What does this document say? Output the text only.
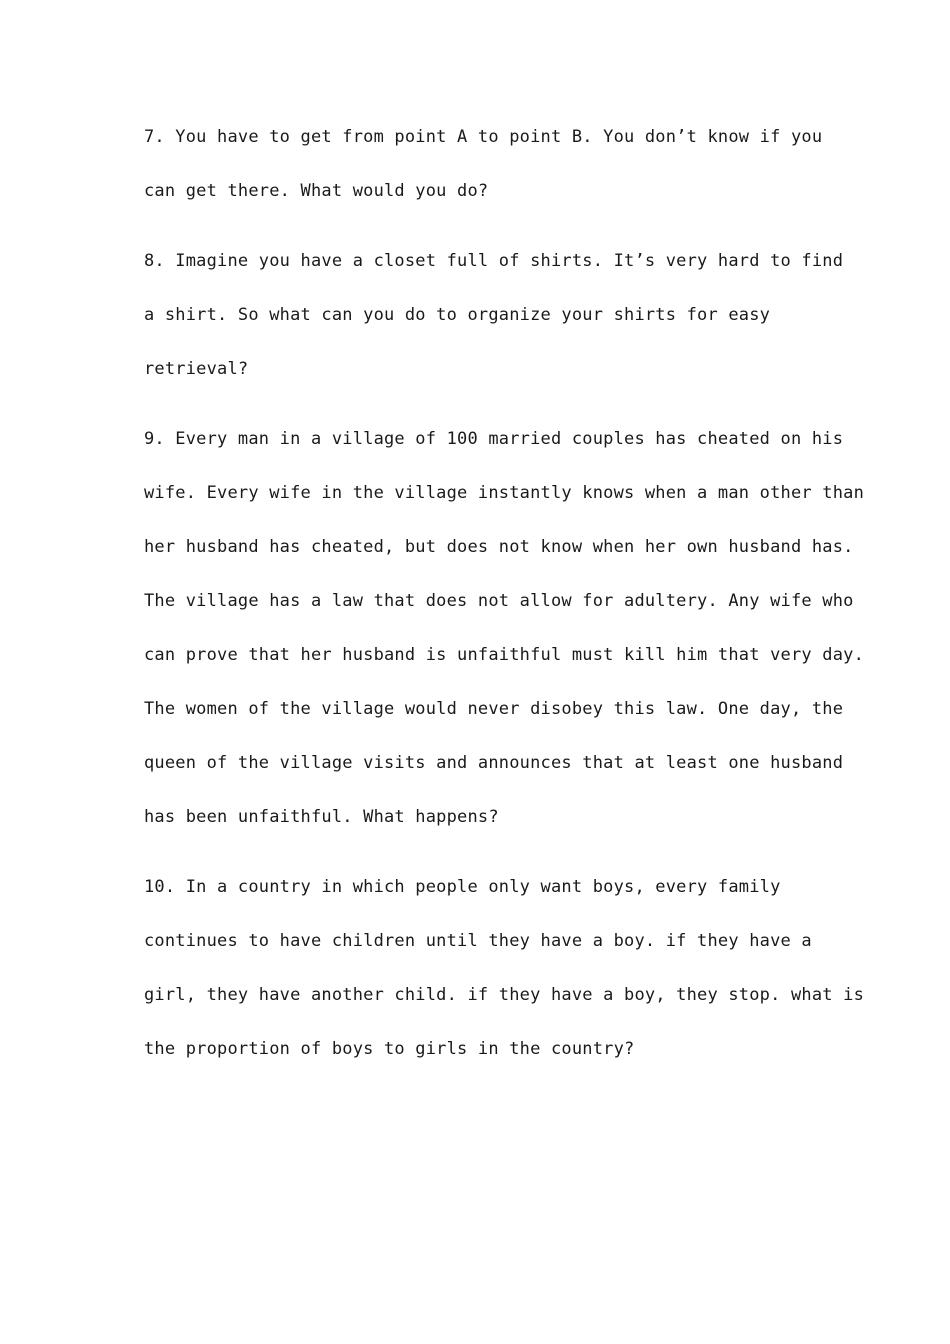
7. You have to get from point A to point B. You don’t know if you
can get there. What would you do?
8. Imagine you have a closet full of shirts. It’s very hard to find
a shirt. So what can you do to organize your shirts for easy
retrieval?
9. Every man in a village of 100 married couples has cheated on his
wife. Every wife in the village instantly knows when a man other than
her husband has cheated, but does not know when her own husband has.
The village has a law that does not allow for adultery. Any wife who
can prove that her husband is unfaithful must kill him that very day.
The women of the village would never disobey this law. One day, the
queen of the village visits and announces that at least one husband
has been unfaithful. What happens?
10. In a country in which people only want boys, every family
continues to have children until they have a boy. if they have a
girl, they have another child. if they have a boy, they stop. what is
the proportion of boys to girls in the country?
